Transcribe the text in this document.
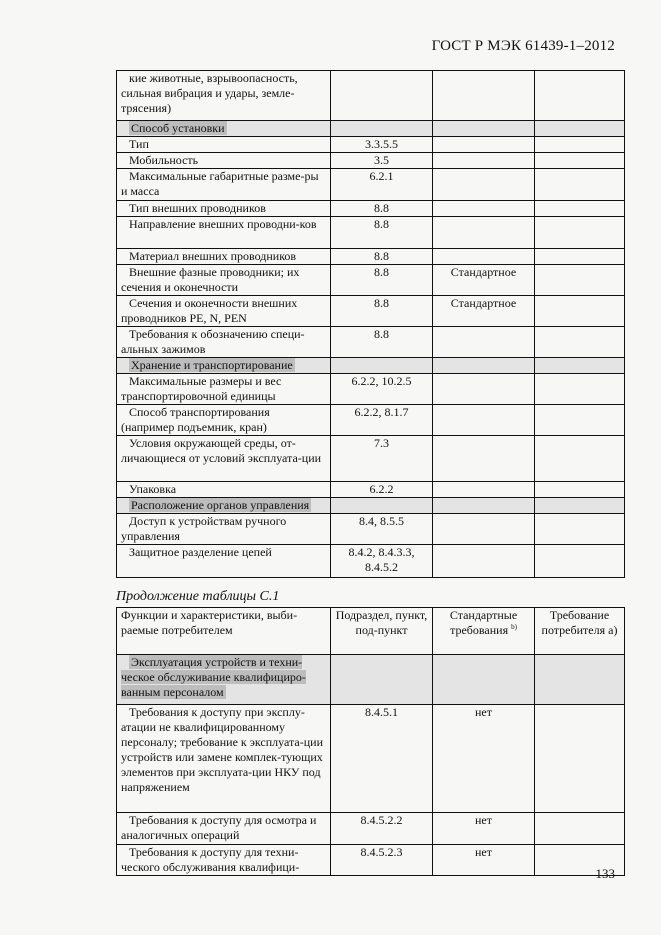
ГОСТ Р МЭК 61439-1–2012
кие животные, взрывоопасность, сильная вибрация и удары, земле-трясения)			
Способ установки			
Тип	3.3.5.5		
Мобильность	3.5		
Максимальные габаритные разме-ры и масса	6.2.1		
Тип внешних проводников	8.8		
Направление внешних проводни-ков	8.8		
Материал внешних проводников	8.8		
Внешние фазные проводники; их сечения и оконечности	8.8	Стандартное	
Сечения и оконечности внешних проводников PE, N, PEN	8.8	Стандартное	
Требования к обозначению специ-альных зажимов	8.8		
Хранение и транспортирование			
Максимальные размеры и вес транспортировочной единицы	6.2.2, 10.2.5		
Способ транспортирования (например подъемник, кран)	6.2.2, 8.1.7		
Условия окружающей среды, от-личающиеся от условий эксплуата-ции	7.3		
Упаковка	6.2.2		
Расположение органов управления			
Доступ к устройствам ручного управления	8.4, 8.5.5		
Защитное разделение цепей	8.4.2, 8.4.3.3, 8.4.5.2		
Продолжение таблицы С.1
Функции и характеристики, выби-раемые потребителем	Подраздел, пункт, под-пункт	Стандартные требования $^{b)}$	Требование потребителя а)
Эксплуатация устройств и техни-ческое обслуживание квалифициро-ванным персоналом			
Требования к доступу при эксплу-атации не квалифицированному персоналу; требование к эксплуата-ции устройств или замене комплек-тующих элементов при эксплуата-ции НКУ под напряжением	8.4.5.1	нет	
Требования к доступу для осмотра и аналогичных операций	8.4.5.2.2	нет	
Требования к доступу для техни-ческого обслуживания квалифици-	8.4.5.2.3	нет	
133
